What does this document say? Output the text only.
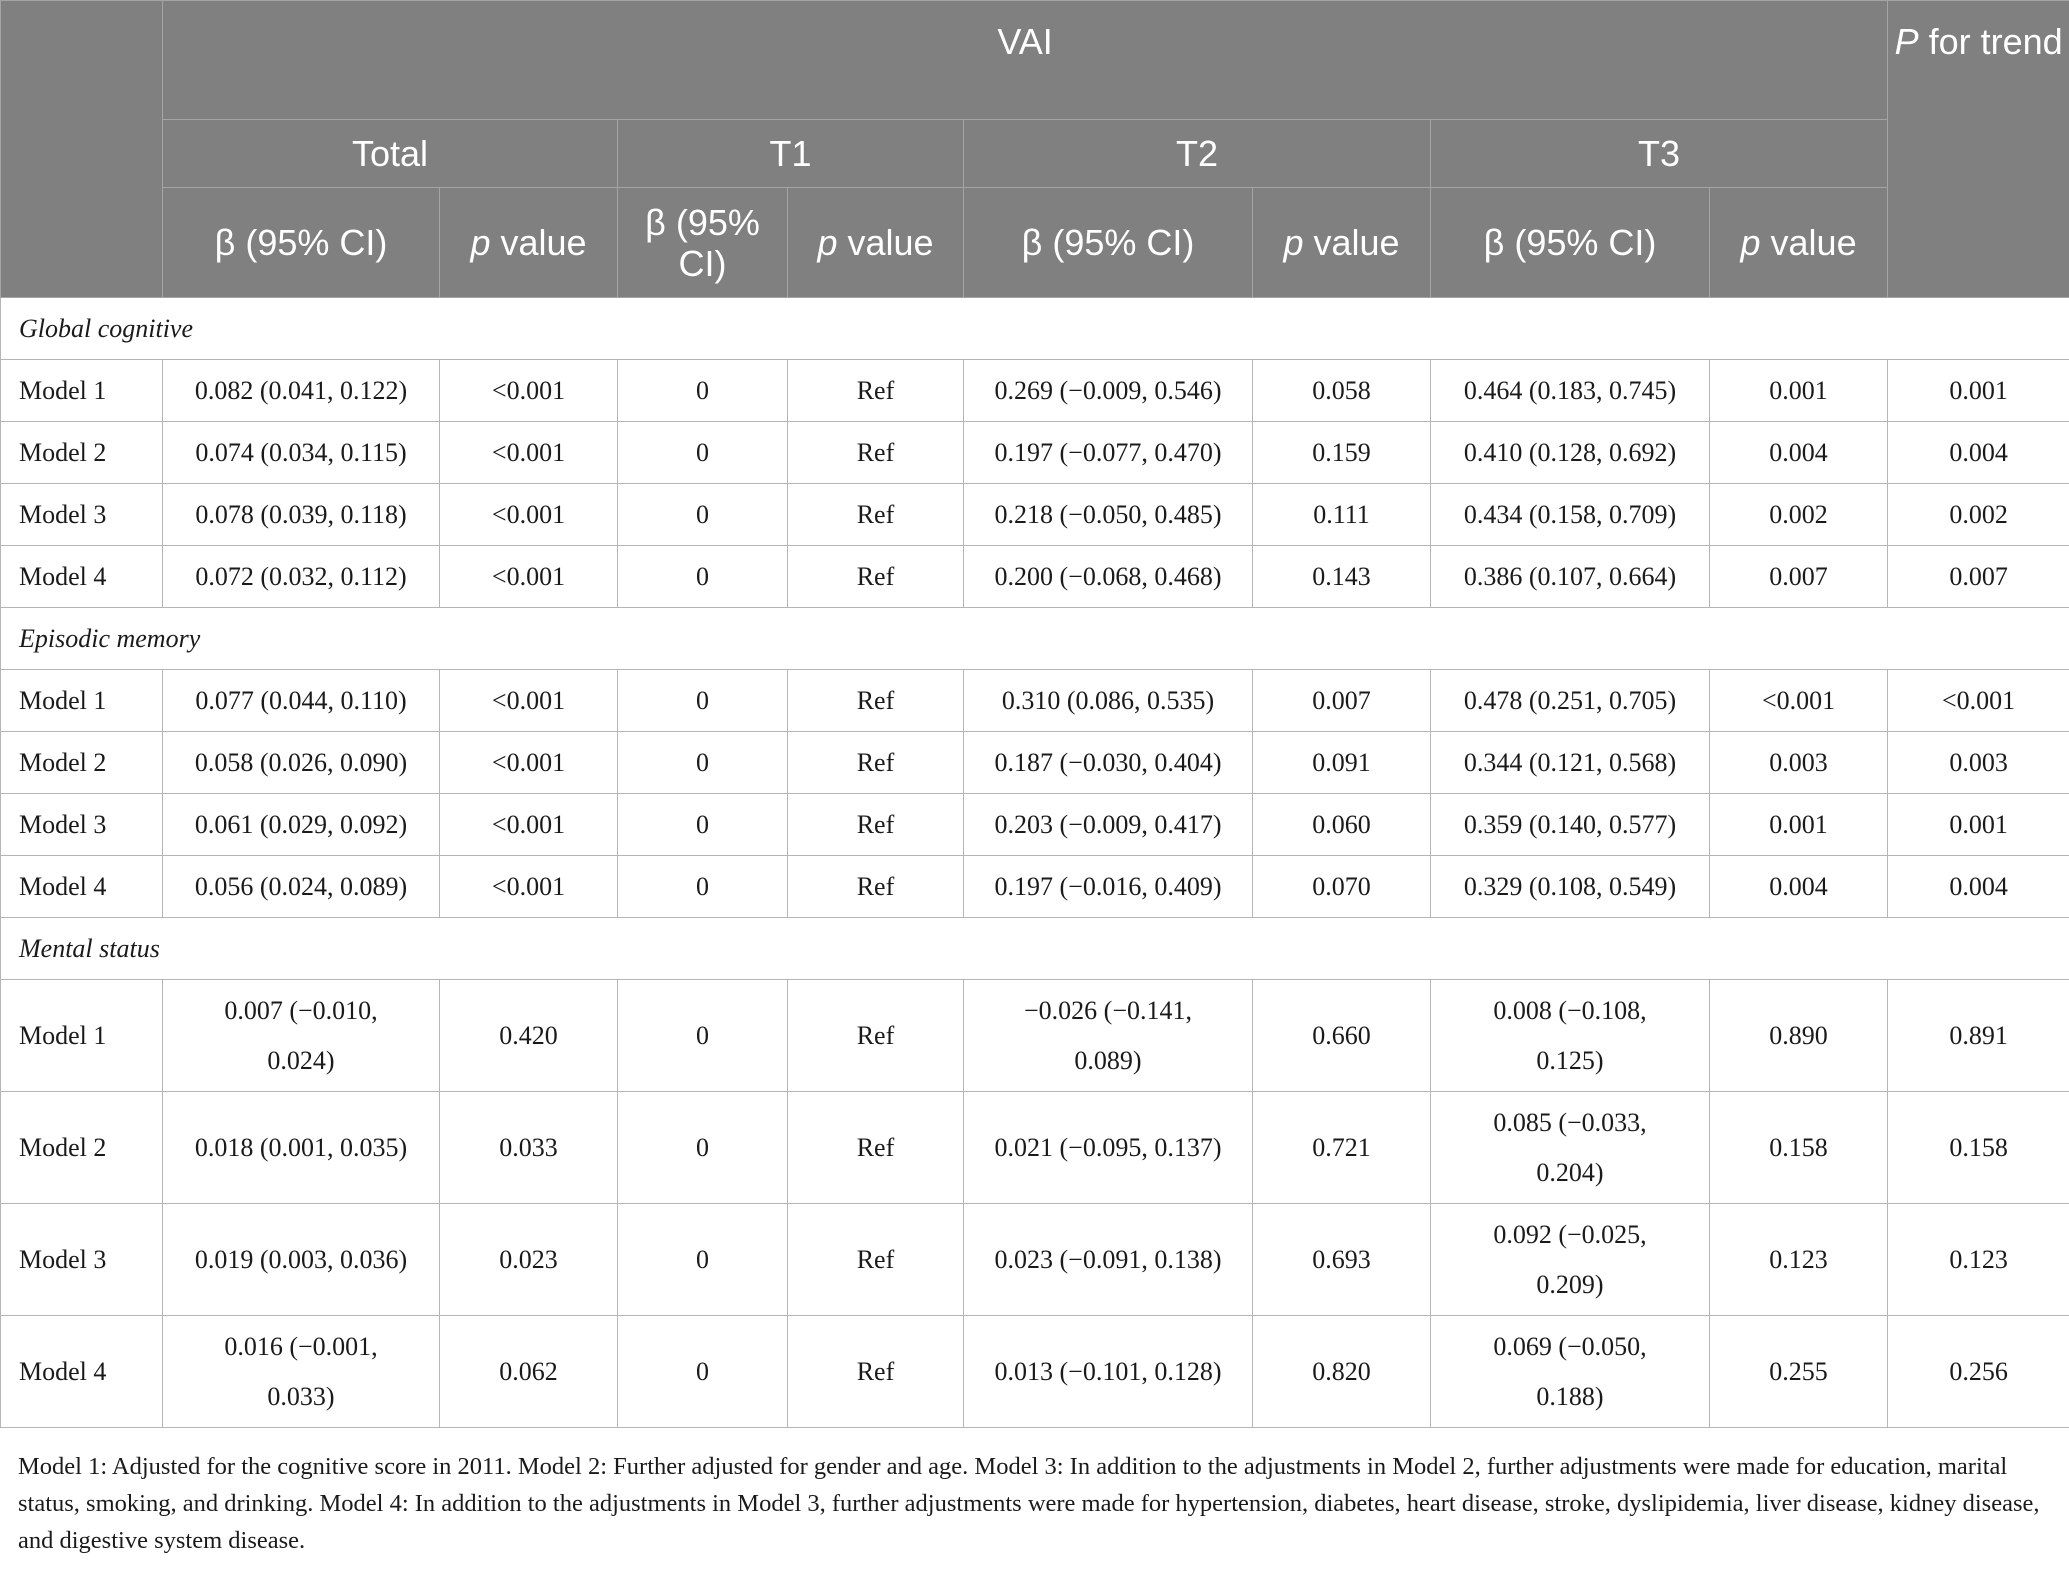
	VAI								P for trend
	Total		T1		T2		T3		
	β (95% CI)	p value	β (95% CI)	p value	β (95% CI)	p value	β (95% CI)	p value	
Global cognitive									
Model 1	0.082 (0.041, 0.122)	<0.001	0	Ref	0.269 (−0.009, 0.546)	0.058	0.464 (0.183, 0.745)	0.001	0.001
Model 2	0.074 (0.034, 0.115)	<0.001	0	Ref	0.197 (−0.077, 0.470)	0.159	0.410 (0.128, 0.692)	0.004	0.004
Model 3	0.078 (0.039, 0.118)	<0.001	0	Ref	0.218 (−0.050, 0.485)	0.111	0.434 (0.158, 0.709)	0.002	0.002
Model 4	0.072 (0.032, 0.112)	<0.001	0	Ref	0.200 (−0.068, 0.468)	0.143	0.386 (0.107, 0.664)	0.007	0.007
Episodic memory									
Model 1	0.077 (0.044, 0.110)	<0.001	0	Ref	0.310 (0.086, 0.535)	0.007	0.478 (0.251, 0.705)	<0.001	<0.001
Model 2	0.058 (0.026, 0.090)	<0.001	0	Ref	0.187 (−0.030, 0.404)	0.091	0.344 (0.121, 0.568)	0.003	0.003
Model 3	0.061 (0.029, 0.092)	<0.001	0	Ref	0.203 (−0.009, 0.417)	0.060	0.359 (0.140, 0.577)	0.001	0.001
Model 4	0.056 (0.024, 0.089)	<0.001	0	Ref	0.197 (−0.016, 0.409)	0.070	0.329 (0.108, 0.549)	0.004	0.004
Mental status									
Model 1	0.007 (−0.010, 0.024)	0.420	0	Ref	−0.026 (−0.141, 0.089)	0.660	0.008 (−0.108, 0.125)	0.890	0.891
Model 2	0.018 (0.001, 0.035)	0.033	0	Ref	0.021 (−0.095, 0.137)	0.721	0.085 (−0.033, 0.204)	0.158	0.158
Model 3	0.019 (0.003, 0.036)	0.023	0	Ref	0.023 (−0.091, 0.138)	0.693	0.092 (−0.025, 0.209)	0.123	0.123
Model 4	0.016 (−0.001, 0.033)	0.062	0	Ref	0.013 (−0.101, 0.128)	0.820	0.069 (−0.050, 0.188)	0.255	0.256

Model 1: Adjusted for the cognitive score in 2011. Model 2: Further adjusted for gender and age. Model 3: In addition to the adjustments in Model 2, further adjustments were made for education, marital status, smoking, and drinking. Model 4: In addition to the adjustments in Model 3, further adjustments were made for hypertension, diabetes, heart disease, stroke, dyslipidemia, liver disease, kidney disease, and digestive system disease.
